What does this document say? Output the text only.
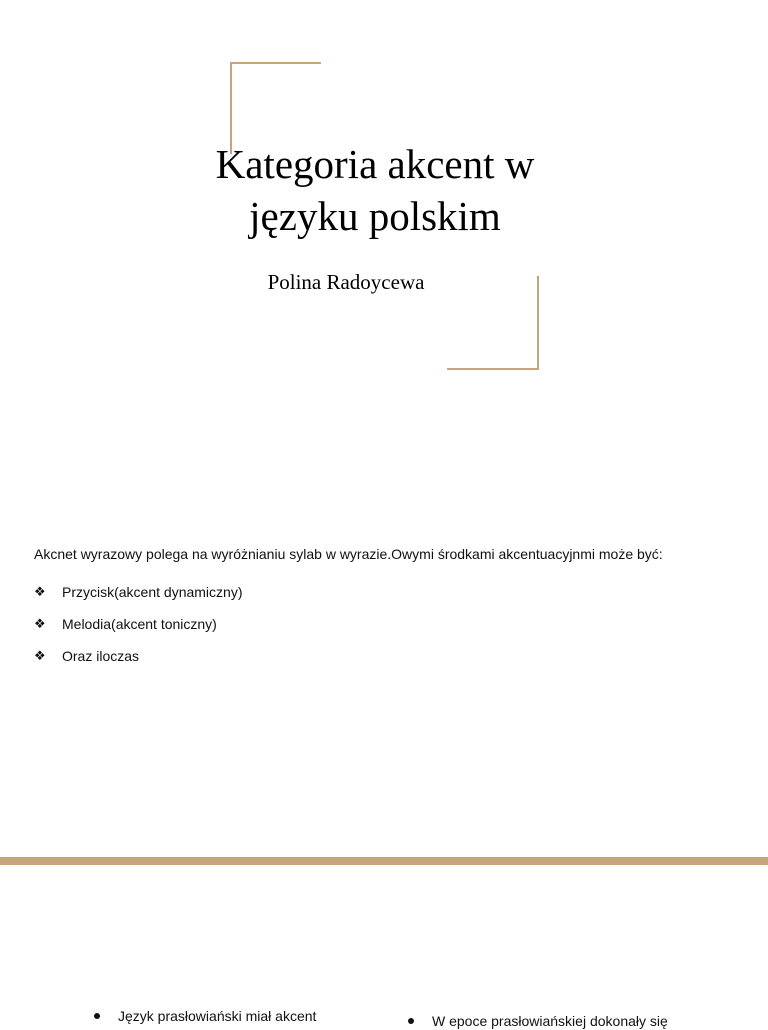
Kategoria akcent w
języku polskim

Polina Radoycewa

Akcnet wyrazowy polega na wyróżnianiu sylab w wyrazie.Owymi środkami akcentuacyjnmi może być:
❖ Przycisk(akcent dynamiczny)
❖ Melodia(akcent toniczny)
❖ Oraz iloczas
Język prasłowiański miał akcent	W epoce prasłowiańskiej dokonały się
